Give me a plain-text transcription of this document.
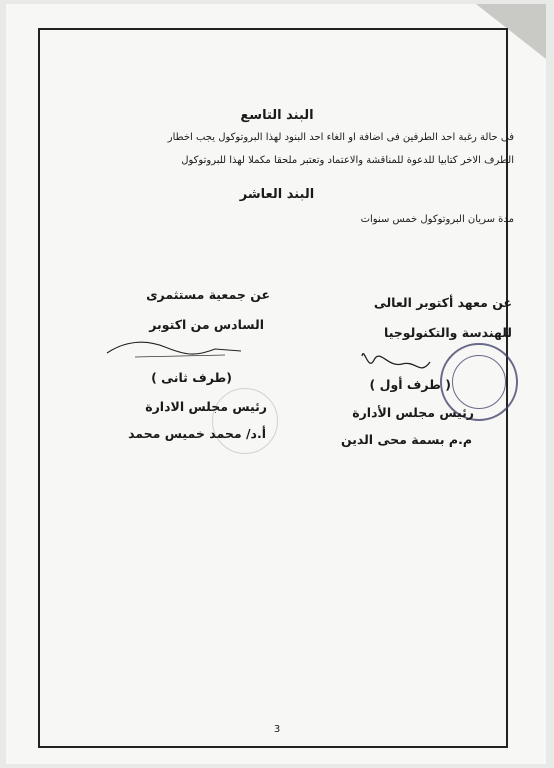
البند التاسع
فى حالة رغبة احد الطرفين فى اضافة او الغاء احد البنود لهذا البروتوكول يجب اخطار
الطرف الاخر كتابيا للدعوة للمناقشة والاعتماد وتعتبر ملحقا مكملا لهذا للبروتوكول
البند العاشر
مدة سريان البروتوكول خمس سنوات
عن معهد أكتوبر العالى
للهندسة والتكنولوجيا
( طرف أول )
رئيس مجلس الأدارة
م.م بسمة محى الدين
عن جمعية مستثمرى
السادس من اكتوبر
(طرف ثانى )
رئيس مجلس الادارة
أ.د/ محمد خميس محمد
3
